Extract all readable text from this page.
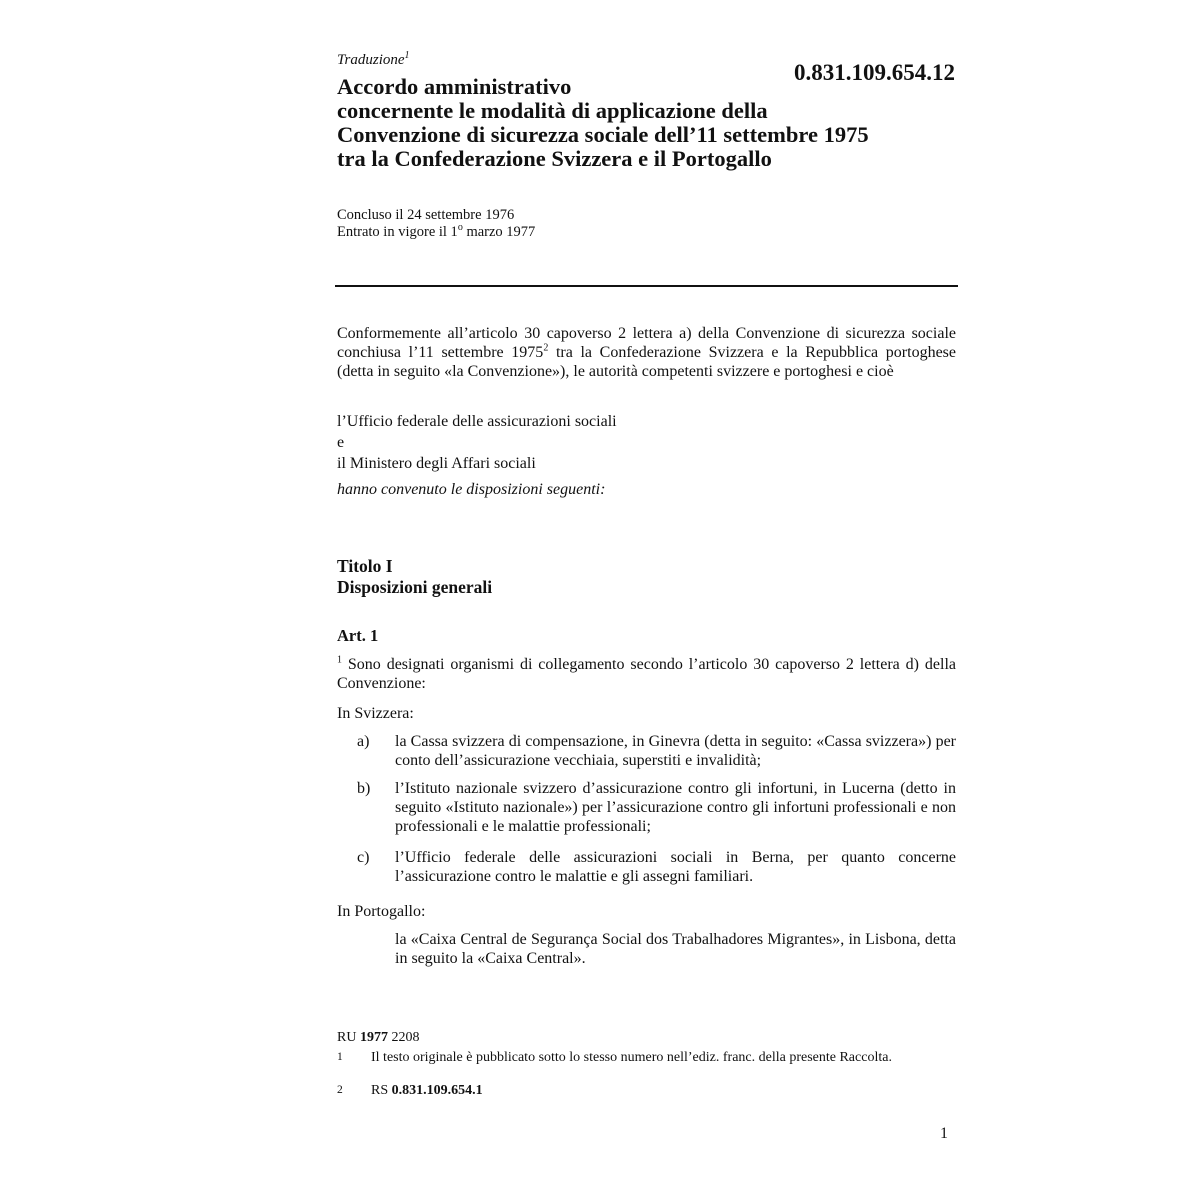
Traduzione$^1$
0.831.109.654.12
Accordo amministrativo
concernente le modalità di applicazione della
Convenzione di sicurezza sociale dell’11 settembre 1975
tra la Confederazione Svizzera e il Portogallo
Concluso il 24 settembre 1976
Entrato in vigore il 1$^o$ marzo 1977
Conformemente all’articolo 30 capoverso 2 lettera a) della Convenzione di sicurezza sociale conchiusa l’11 settembre 1975$^2$ tra la Confederazione Svizzera e la Repubblica portoghese (detta in seguito «la Convenzione»), le autorità competenti svizzere e portoghesi e cioè
l’Ufficio federale delle assicurazioni sociali
e
il Ministero degli Affari sociali
hanno convenuto le disposizioni seguenti:
Titolo I
Disposizioni generali
Art. 1
$^1$ Sono designati organismi di collegamento secondo l’articolo 30 capoverso 2 lettera d) della Convenzione:
In Svizzera:
a) la Cassa svizzera di compensazione, in Ginevra (detta in seguito: «Cassa svizzera») per conto dell’assicurazione vecchiaia, superstiti e invalidità;
b) l’Istituto nazionale svizzero d’assicurazione contro gli infortuni, in Lucerna (detto in seguito «Istituto nazionale») per l’assicurazione contro gli infortuni professionali e non professionali e le malattie professionali;
c) l’Ufficio federale delle assicurazioni sociali in Berna, per quanto concerne l’assicurazione contro le malattie e gli assegni familiari.
In Portogallo:
la «Caixa Central de Segurança Social dos Trabalhadores Migrantes», in Lisbona, detta in seguito la «Caixa Central».
RU 1977 2208
1 Il testo originale è pubblicato sotto lo stesso numero nell’ediz. franc. della presente Raccolta.
2 RS 0.831.109.654.1
1
